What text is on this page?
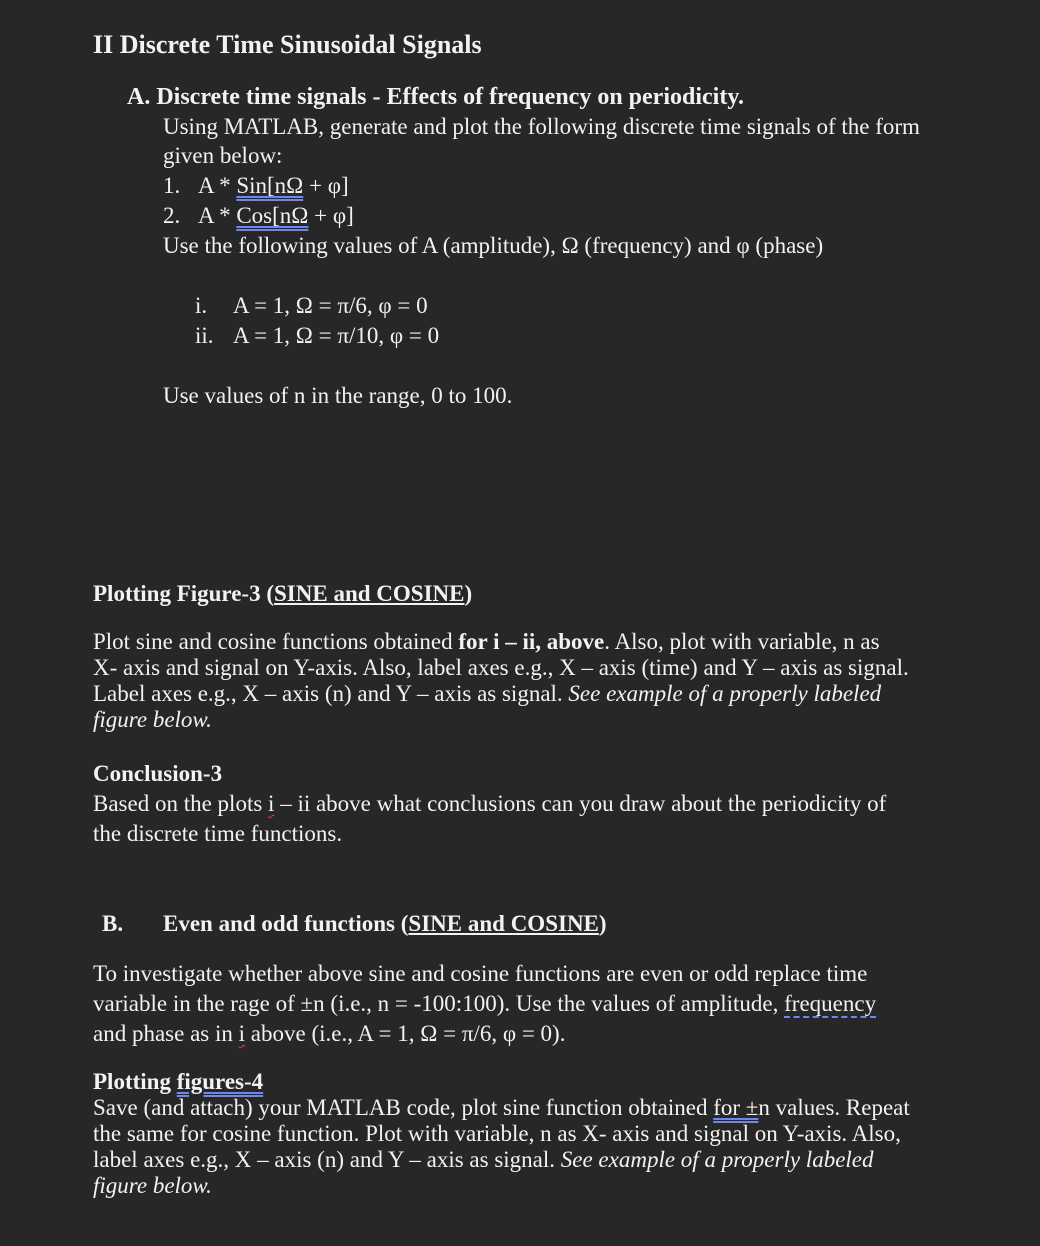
II Discrete Time Sinusoidal Signals
A. Discrete time signals - Effects of frequency on periodicity.
Using MATLAB, generate and plot the following discrete time signals of the form
given below:
1. A * Sin[nΩ + φ]
2. A * Cos[nΩ + φ]
Use the following values of A (amplitude), Ω (frequency) and φ (phase)
i. A = 1, Ω = π/6, φ = 0
ii. A = 1, Ω = π/10, φ = 0
Use values of n in the range, 0 to 100.
Plotting Figure-3 (SINE and COSINE)
Plot sine and cosine functions obtained for i – ii, above. Also, plot with variable, n as
X- axis and signal on Y-axis. Also, label axes e.g., X – axis (time) and Y – axis as signal.
Label axes e.g., X – axis (n) and Y – axis as signal. See example of a properly labeled
figure below.
Conclusion-3
Based on the plots i – ii above what conclusions can you draw about the periodicity of
the discrete time functions.
B. Even and odd functions (SINE and COSINE)
To investigate whether above sine and cosine functions are even or odd replace time
variable in the rage of ±n (i.e., n = -100:100). Use the values of amplitude, frequency
and phase as in i above (i.e., A = 1, Ω = π/6, φ = 0).
Plotting figures-4
Save (and attach) your MATLAB code, plot sine function obtained for ±n values. Repeat
the same for cosine function. Plot with variable, n as X- axis and signal on Y-axis. Also,
label axes e.g., X – axis (n) and Y – axis as signal. See example of a properly labeled
figure below.
